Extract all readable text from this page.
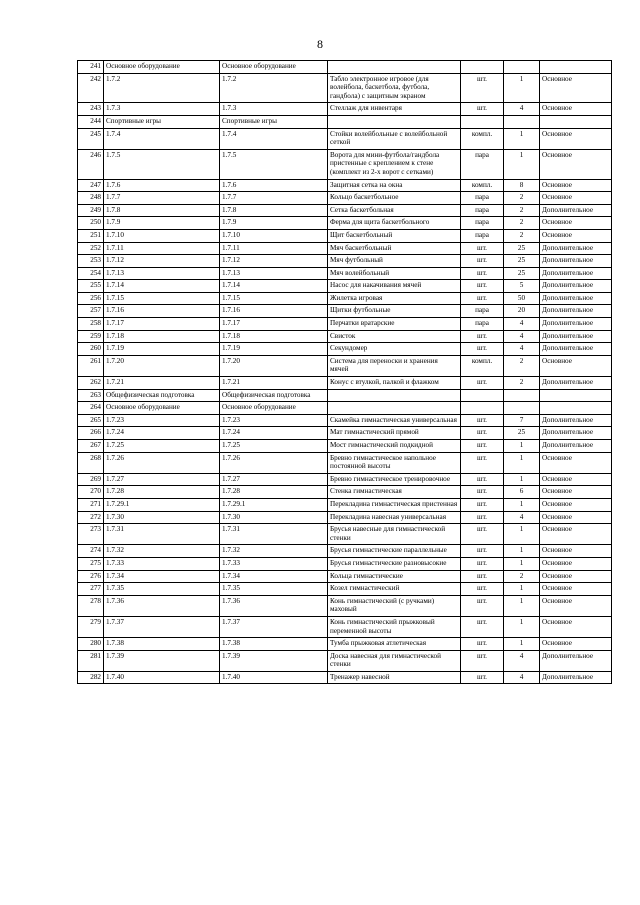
8
241	Основное оборудование	Основное оборудование				
242	1.7.2	1.7.2	Табло электронное игровое (для волейбола, баскетбола, футбола, гандбола) с защитным экраном	шт.	1	Основное
243	1.7.3	1.7.3	Стеллаж для инвентаря	шт.	4	Основное
244	Спортивные игры	Спортивные игры				
245	1.7.4	1.7.4	Стойки волейбольные с волейбольной сеткой	компл.	1	Основное
246	1.7.5	1.7.5	Ворота для мини-футбола/гандбола пристенные с креплением к стене (комплект из 2-х ворот с сетками)	пара	1	Основное
247	1.7.6	1.7.6	Защитная сетка на окна	компл.	8	Основное
248	1.7.7	1.7.7	Кольцо баскетбольное	пара	2	Основное
249	1.7.8	1.7.8	Сетка баскетбольная	пара	2	Дополнительное
250	1.7.9	1.7.9	Ферма для щита баскетбольного	пара	2	Основное
251	1.7.10	1.7.10	Щит баскетбольный	пара	2	Основное
252	1.7.11	1.7.11	Мяч баскетбольный	шт.	25	Дополнительное
253	1.7.12	1.7.12	Мяч футбольный	шт.	25	Дополнительное
254	1.7.13	1.7.13	Мяч волейбольный	шт.	25	Дополнительное
255	1.7.14	1.7.14	Насос для накачивания мячей	шт.	5	Дополнительное
256	1.7.15	1.7.15	Жилетка игровая	шт.	50	Дополнительное
257	1.7.16	1.7.16	Щитки футбольные	пара	20	Дополнительное
258	1.7.17	1.7.17	Перчатки вратарские	пара	4	Дополнительное
259	1.7.18	1.7.18	Свисток	шт.	4	Дополнительное
260	1.7.19	1.7.19	Секундомер	шт.	4	Дополнительное
261	1.7.20	1.7.20	Система для переноски и хранения мячей	компл.	2	Основное
262	1.7.21	1.7.21	Конус с втулкой, палкой и флажком	шт.	2	Дополнительное
263	Общефизическая подготовка	Общефизическая подготовка				
264	Основное оборудование	Основное оборудование				
265	1.7.23	1.7.23	Скамейка гимнастическая универсальная	шт.	7	Дополнительное
266	1.7.24	1.7.24	Мат гимнастический прямой	шт.	25	Дополнительное
267	1.7.25	1.7.25	Мост гимнастический подкидной	шт.	1	Дополнительное
268	1.7.26	1.7.26	Бревно гимнастическое напольное постоянной высоты	шт.	1	Основное
269	1.7.27	1.7.27	Бревно гимнастическое тренировочное	шт.	1	Основное
270	1.7.28	1.7.28	Стенка гимнастическая	шт.	6	Основное
271	1.7.29.1	1.7.29.1	Перекладина гимнастическая пристенная	шт.	1	Основное
272	1.7.30	1.7.30	Перекладина навесная универсальная	шт.	4	Основное
273	1.7.31	1.7.31	Брусья навесные для гимнастической стенки	шт.	1	Основное
274	1.7.32	1.7.32	Брусья гимнастические параллельные	шт.	1	Основное
275	1.7.33	1.7.33	Брусья гимнастические разновысокие	шт.	1	Основное
276	1.7.34	1.7.34	Кольца гимнастические	шт.	2	Основное
277	1.7.35	1.7.35	Козел гимнастический	шт.	1	Основное
278	1.7.36	1.7.36	Конь гимнастический (с ручками) маховый	шт.	1	Основное
279	1.7.37	1.7.37	Конь гимнастический прыжковый переменной высоты	шт.	1	Основное
280	1.7.38	1.7.38	Тумба прыжковая атлетическая	шт.	1	Основное
281	1.7.39	1.7.39	Доска навесная для гимнастической стенки	шт.	4	Дополнительное
282	1.7.40	1.7.40	Тренажер навесной	шт.	4	Дополнительное
